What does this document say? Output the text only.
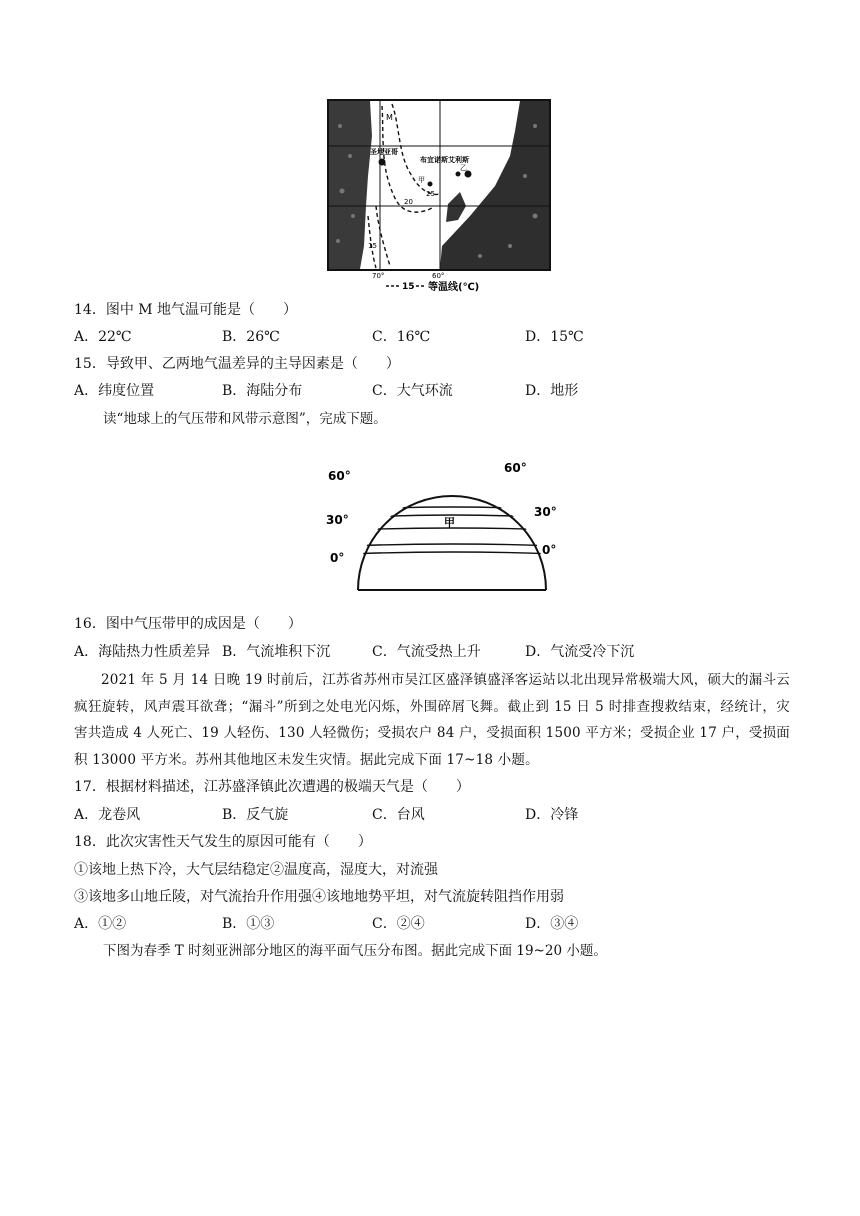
M
圣地亚哥
布宜诺斯艾利斯
甲
乙
25
20
15
70°	60°
15 等温线(℃)
14．图中 M 地气温可能是（　　）
A．22℃	B．26℃	C．16℃	D．15℃
15．导致甲、乙两地气温差异的主导因素是（　　）
A．纬度位置	B．海陆分布	C．大气环流	D．地形
读“地球上的气压带和风带示意图”，完成下题。
60°
60°
30°
30°
0°
0°
甲
16．图中气压带甲的成因是（　　）
A．海陆热力性质差异 B．气流堆积下沉	C．气流受热上升	D．气流受冷下沉
2021 年 5 月 14 日晚 19 时前后，江苏省苏州市吴江区盛泽镇盛泽客运站以北出现异常极端大风，硕大的漏斗云疯狂旋转，风声震耳欲聋；“漏斗”所到之处电光闪烁，外围碎屑飞舞。截止到 15 日 5 时排查搜救结束，经统计，灾害共造成 4 人死亡、19 人轻伤、130 人轻微伤；受损农户 84 户，受损面积 1500 平方米；受损企业 17 户，受损面积 13000 平方米。苏州其他地区未发生灾情。据此完成下面 17~18 小题。
17．根据材料描述，江苏盛泽镇此次遭遇的极端天气是（　　）
A．龙卷风	B．反气旋	C．台风	D．冷锋
18．此次灾害性天气发生的原因可能有（　　）
①该地上热下冷，大气层结稳定②温度高，湿度大，对流强
③该地多山地丘陵，对气流抬升作用强④该地地势平坦，对气流旋转阻挡作用弱
A．①②	B．①③	C．②④	D．③④
下图为春季 T 时刻亚洲部分地区的海平面气压分布图。据此完成下面 19~20 小题。
